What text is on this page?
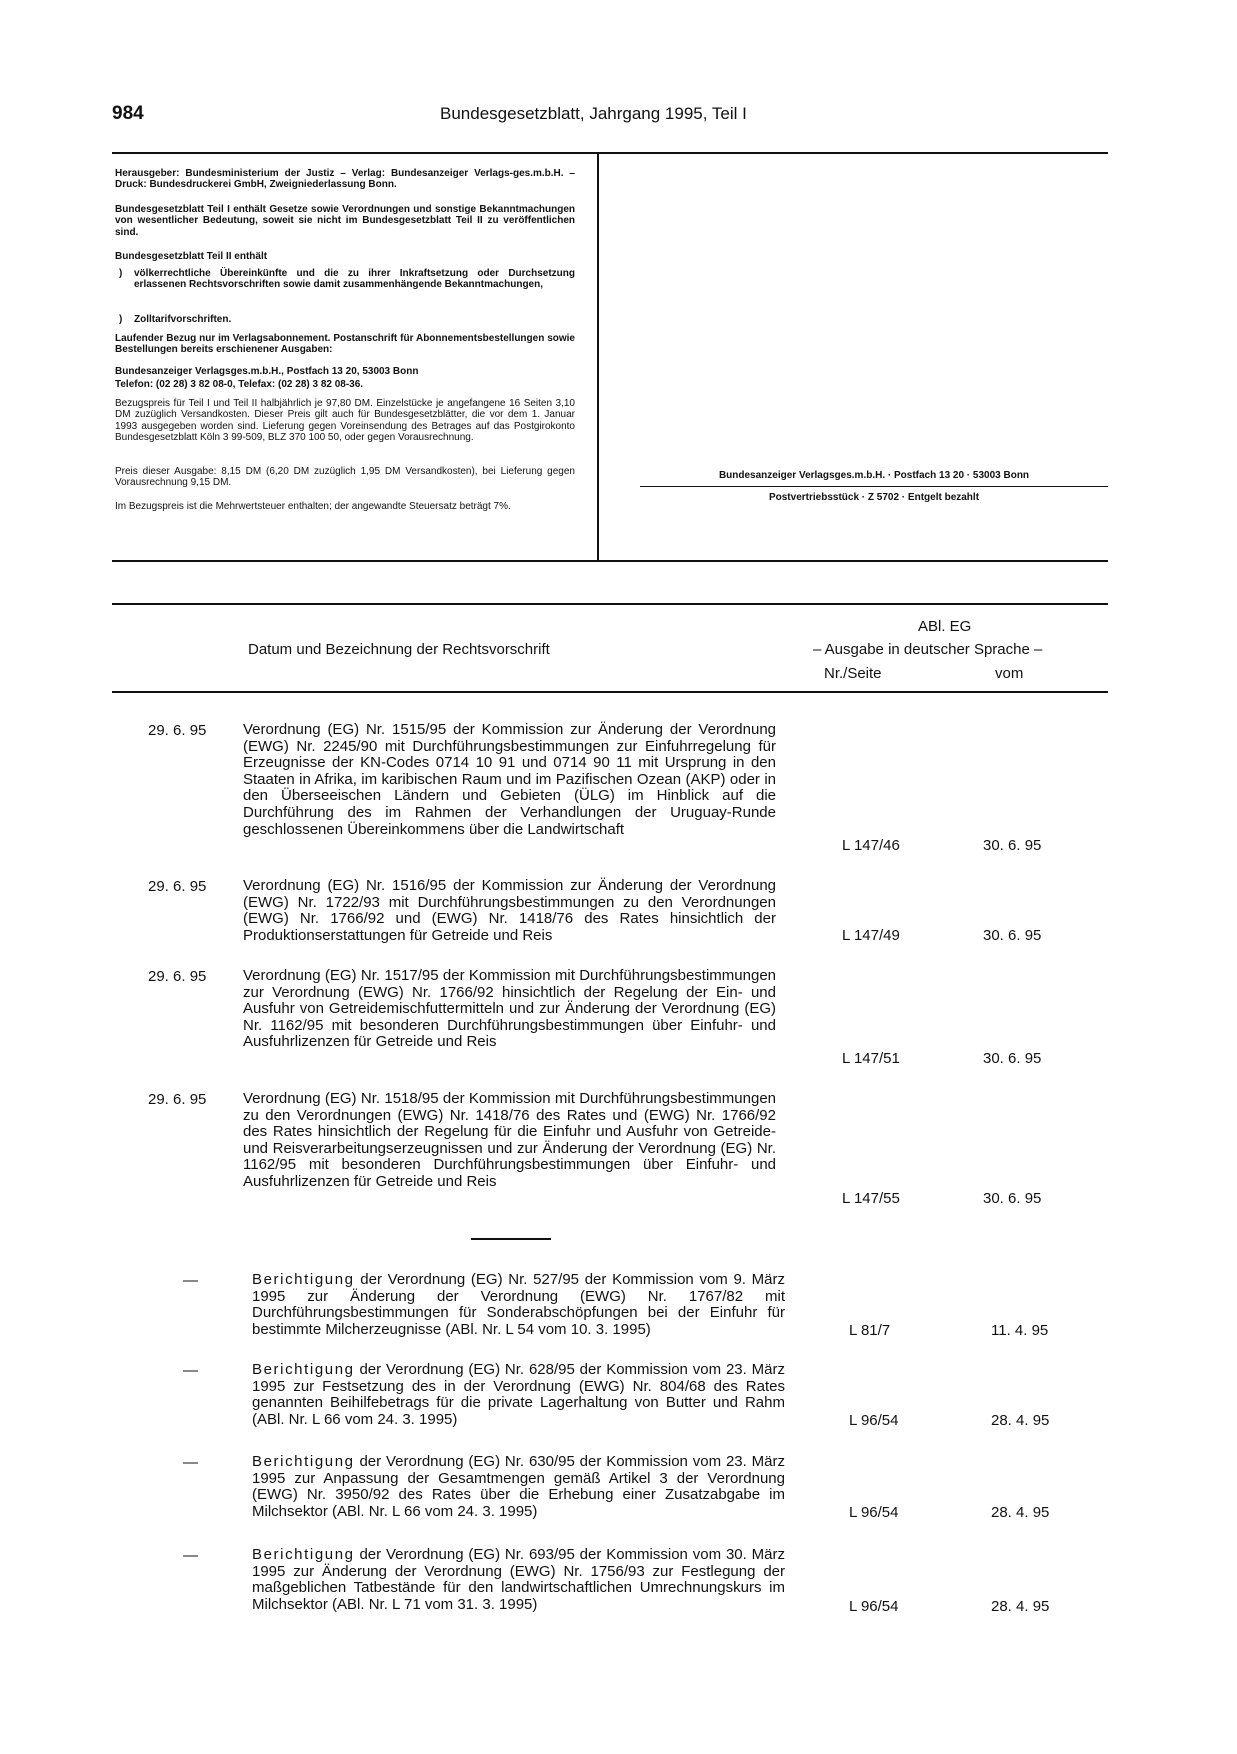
984	Bundesgesetzblatt, Jahrgang 1995, Teil I
Herausgeber: Bundesministerium der Justiz – Verlag: Bundesanzeiger Verlags-ges.m.b.H. – Druck: Bundesdruckerei GmbH, Zweigniederlassung Bonn.
Bundesgesetzblatt Teil I enthält Gesetze sowie Verordnungen und sonstige Bekanntmachungen von wesentlicher Bedeutung, soweit sie nicht im Bundesgesetzblatt Teil II zu veröffentlichen sind.
Bundesgesetzblatt Teil II enthält
) völkerrechtliche Übereinkünfte und die zu ihrer Inkraftsetzung oder Durchsetzung erlassenen Rechtsvorschriften sowie damit zusammenhängende Bekanntmachungen,
) Zolltarifvorschriften.
Laufender Bezug nur im Verlagsabonnement. Postanschrift für Abonnementsbestellungen sowie Bestellungen bereits erschienener Ausgaben:
Bundesanzeiger Verlagsges.m.b.H., Postfach 13 20, 53003 Bonn
Telefon: (02 28) 3 82 08-0, Telefax: (02 28) 3 82 08-36.
Bezugspreis für Teil I und Teil II halbjährlich je 97,80 DM. Einzelstücke je angefangene 16 Seiten 3,10 DM zuzüglich Versandkosten. Dieser Preis gilt auch für Bundesgesetzblätter, die vor dem 1. Januar 1993 ausgegeben worden sind. Lieferung gegen Voreinsendung des Betrages auf das Postgirokonto Bundesgesetzblatt Köln 3 99-509, BLZ 370 100 50, oder gegen Vorausrechnung.
Preis dieser Ausgabe: 8,15 DM (6,20 DM zuzüglich 1,95 DM Versandkosten), bei Lieferung gegen Vorausrechnung 9,15 DM.
Im Bezugspreis ist die Mehrwertsteuer enthalten; der angewandte Steuersatz beträgt 7%.
Bundesanzeiger Verlagsges.m.b.H. · Postfach 13 20 · 53003 Bonn
Postvertriebsstück · Z 5702 · Entgelt bezahlt
Datum und Bezeichnung der Rechtsvorschrift
ABl. EG
– Ausgabe in deutscher Sprache –
Nr./Seite	vom
29. 6. 95 Verordnung (EG) Nr. 1515/95 der Kommission zur Änderung der Verordnung (EWG) Nr. 2245/90 mit Durchführungsbestimmungen zur Einfuhrregelung für Erzeugnisse der KN-Codes 0714 10 91 und 0714 90 11 mit Ursprung in den Staaten in Afrika, im karibischen Raum und im Pazifischen Ozean (AKP) oder in den Überseeischen Ländern und Gebieten (ÜLG) im Hinblick auf die Durchführung des im Rahmen der Verhandlungen der Uruguay-Runde geschlossenen Übereinkommens über die Landwirtschaft
L 147/46	30. 6. 95
29. 6. 95 Verordnung (EG) Nr. 1516/95 der Kommission zur Änderung der Verordnung (EWG) Nr. 1722/93 mit Durchführungsbestimmungen zu den Verordnungen (EWG) Nr. 1766/92 und (EWG) Nr. 1418/76 des Rates hinsichtlich der Produktionserstattungen für Getreide und Reis	L 147/49	30. 6. 95
29. 6. 95 Verordnung (EG) Nr. 1517/95 der Kommission mit Durchführungsbestimmungen zur Verordnung (EWG) Nr. 1766/92 hinsichtlich der Regelung der Ein- und Ausfuhr von Getreidemischfuttermitteln und zur Änderung der Verordnung (EG) Nr. 1162/95 mit besonderen Durchführungsbestimmungen über Einfuhr- und Ausfuhrlizenzen für Getreide und Reis
L 147/51	30. 6. 95
29. 6. 95 Verordnung (EG) Nr. 1518/95 der Kommission mit Durchführungsbestimmungen zu den Verordnungen (EWG) Nr. 1418/76 des Rates und (EWG) Nr. 1766/92 des Rates hinsichtlich der Regelung für die Einfuhr und Ausfuhr von Getreide- und Reisverarbeitungserzeugnissen und zur Änderung der Verordnung (EG) Nr. 1162/95 mit besonderen Durchführungsbestimmungen über Einfuhr- und Ausfuhrlizenzen für Getreide und Reis
L 147/55	30. 6. 95
—	Berichtigung der Verordnung (EG) Nr. 527/95 der Kommission vom 9. März 1995 zur Änderung der Verordnung (EWG) Nr. 1767/82 mit Durchführungsbestimmungen für Sonderabschöpfungen bei der Einfuhr für bestimmte Milcherzeugnisse (ABl. Nr. L 54 vom 10. 3. 1995)	L 81/7	11. 4. 95
—	Berichtigung der Verordnung (EG) Nr. 628/95 der Kommission vom 23. März 1995 zur Festsetzung des in der Verordnung (EWG) Nr. 804/68 des Rates genannten Beihilfebetrags für die private Lagerhaltung von Butter und Rahm (ABl. Nr. L 66 vom 24. 3. 1995)	L 96/54	28. 4. 95
—	Berichtigung der Verordnung (EG) Nr. 630/95 der Kommission vom 23. März 1995 zur Anpassung der Gesamtmengen gemäß Artikel 3 der Verordnung (EWG) Nr. 3950/92 des Rates über die Erhebung einer Zusatzabgabe im Milchsektor (ABl. Nr. L 66 vom 24. 3. 1995)	L 96/54	28. 4. 95
—	Berichtigung der Verordnung (EG) Nr. 693/95 der Kommission vom 30. März 1995 zur Änderung der Verordnung (EWG) Nr. 1756/93 zur Festlegung der maßgeblichen Tatbestände für den landwirtschaftlichen Umrechnungskurs im Milchsektor (ABl. Nr. L 71 vom 31. 3. 1995)	L 96/54	28. 4. 95
